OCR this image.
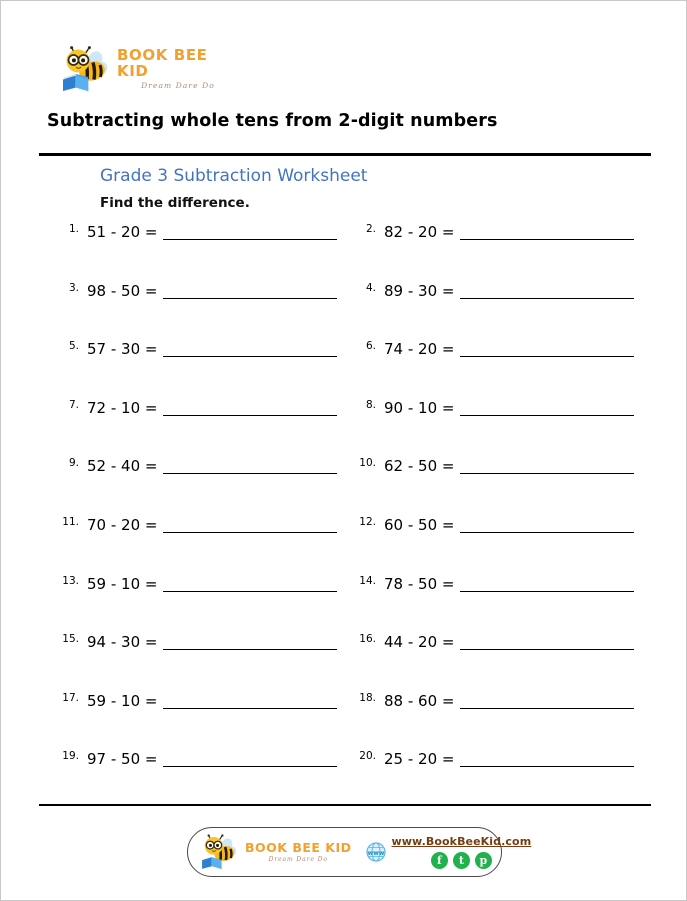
BOOK BEE KID
Dream Dare Do
Subtracting whole tens from 2-digit numbers
Grade 3 Subtraction Worksheet
Find the difference.
1. 51 - 20 =	2. 82 - 20 =
3. 98 - 50 =	4. 89 - 30 =
5. 57 - 30 =	6. 74 - 20 =
7. 72 - 10 =	8. 90 - 10 =
9. 52 - 40 =	10. 62 - 50 =
11. 70 - 20 =	12. 60 - 50 =
13. 59 - 10 =	14. 78 - 50 =
15. 94 - 30 =	16. 44 - 20 =
17. 59 - 10 =	18. 88 - 60 =
19. 97 - 50 =	20. 25 - 20 =
BOOK BEE KID
Dream Dare Do
www
www.BookBeeKid.com
f	t	p
